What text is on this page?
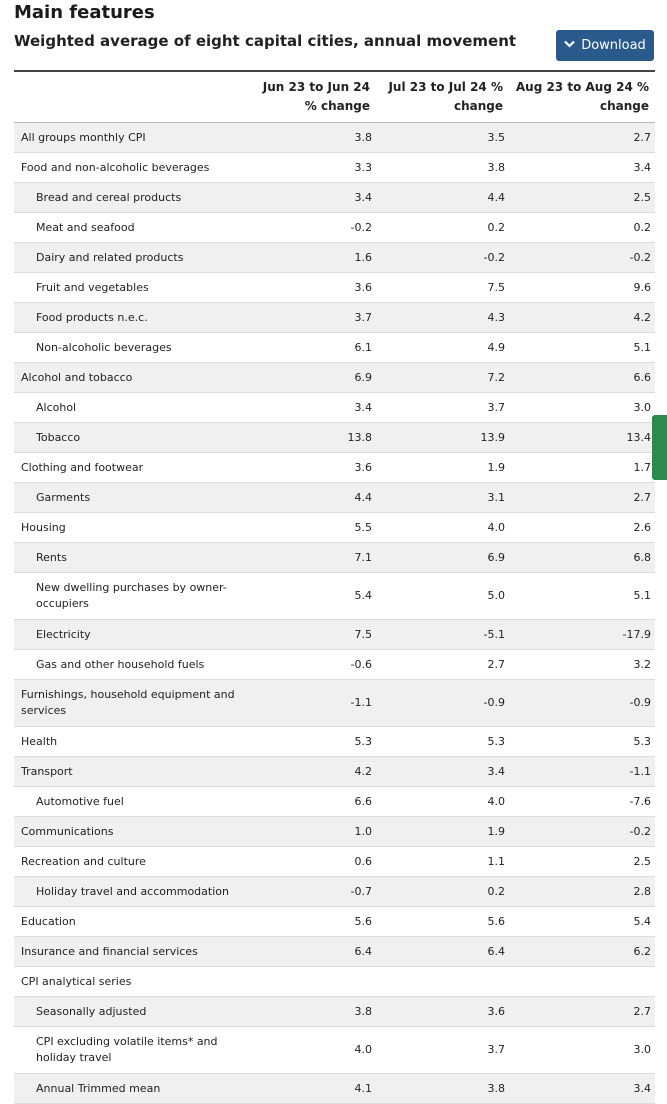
Main features
Weighted average of eight capital cities, annual movement	Download
	Jun 23 to Jun 24 % change	Jul 23 to Jul 24 % change	Aug 23 to Aug 24 % change
All groups monthly CPI	3.8	3.5	2.7
Food and non-alcoholic beverages	3.3	3.8	3.4
Bread and cereal products	3.4	4.4	2.5
Meat and seafood	-0.2	0.2	0.2
Dairy and related products	1.6	-0.2	-0.2
Fruit and vegetables	3.6	7.5	9.6
Food products n.e.c.	3.7	4.3	4.2
Non-alcoholic beverages	6.1	4.9	5.1
Alcohol and tobacco	6.9	7.2	6.6
Alcohol	3.4	3.7	3.0
Tobacco	13.8	13.9	13.4
Clothing and footwear	3.6	1.9	1.7
Garments	4.4	3.1	2.7
Housing	5.5	4.0	2.6
Rents	7.1	6.9	6.8
New dwelling purchases by owner-occupiers	5.4	5.0	5.1
Electricity	7.5	-5.1	-17.9
Gas and other household fuels	-0.6	2.7	3.2
Furnishings, household equipment and services	-1.1	-0.9	-0.9
Health	5.3	5.3	5.3
Transport	4.2	3.4	-1.1
Automotive fuel	6.6	4.0	-7.6
Communications	1.0	1.9	-0.2
Recreation and culture	0.6	1.1	2.5
Holiday travel and accommodation	-0.7	0.2	2.8
Education	5.6	5.6	5.4
Insurance and financial services	6.4	6.4	6.2
CPI analytical series			
Seasonally adjusted	3.8	3.6	2.7
CPI excluding volatile items* and holiday travel	4.0	3.7	3.0
Annual Trimmed mean	4.1	3.8	3.4
